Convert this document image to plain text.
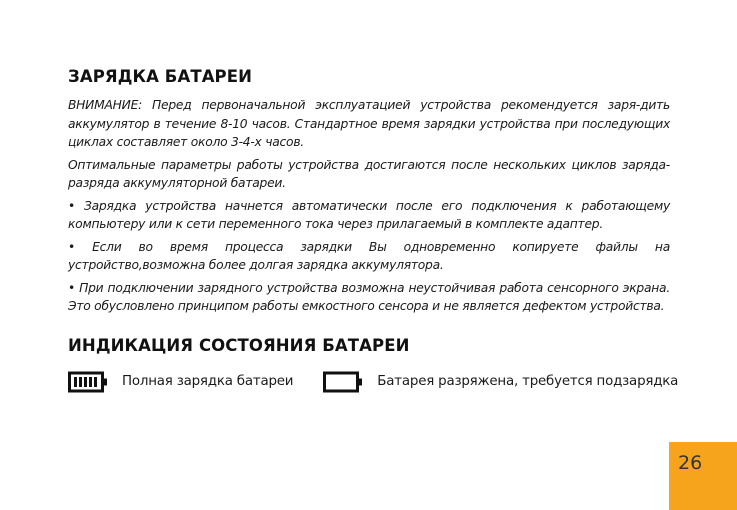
ЗАРЯДКА БАТАРЕИ

ВНИМАНИЕ: Перед первоначальной эксплуатацией устройства рекомендуется заря-дить аккумулятор в течение 8-10 часов. Стандартное время зарядки устройства при последующих циклах составляет около 3-4-х часов.

Оптимальные параметры работы устройства достигаются после нескольких циклов заряда-разряда аккумуляторной батареи.

• Зарядка устройства начнется автоматически после его подключения к работающему компьютеру или к сети переменного тока через прилагаемый в комплекте адаптер.

• Если во время процесса зарядки Вы одновременно копируете файлы на устройство,возможна более долгая зарядка аккумулятора.

• При подключении зарядного устройства возможна неустойчивая работа сенсорного экрана. Это обусловлено принципом работы емкостного сенсора и не является дефектом устройства.

ИНДИКАЦИЯ СОСТОЯНИЯ БАТАРЕИ
Полная зарядка батареи	Батарея разряжена, требуется подзарядка
26
